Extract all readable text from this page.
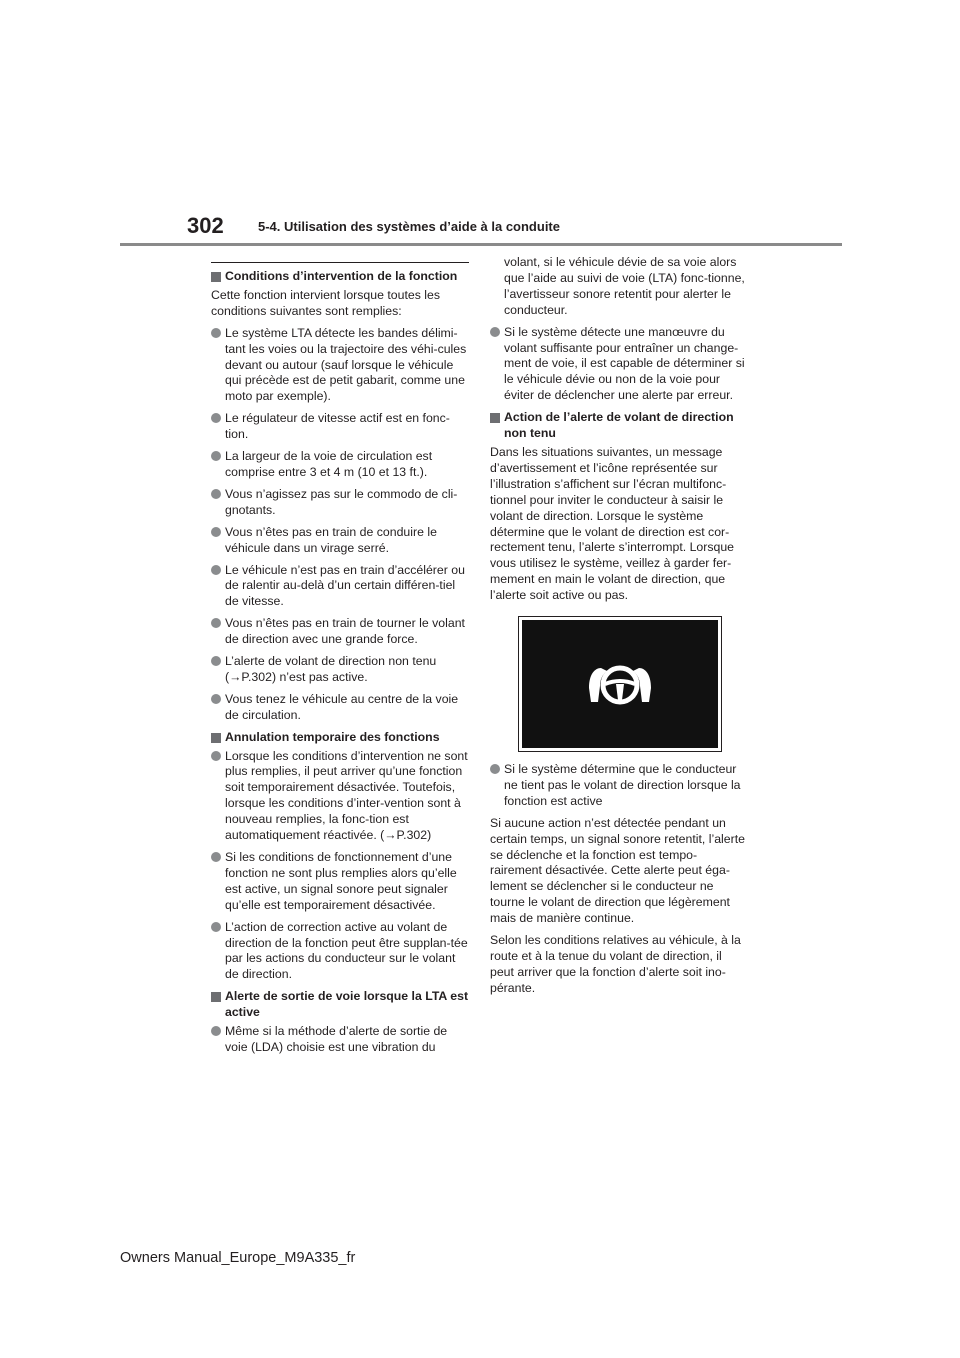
302	5-4. Utilisation des systèmes d’aide à la conduite

Conditions d’intervention de la fonction

Cette fonction intervient lorsque toutes les conditions suivantes sont remplies:

Le système LTA détecte les bandes délimi-tant les voies ou la trajectoire des véhi-cules devant ou autour (sauf lorsque le véhicule qui précède est de petit gabarit, comme une moto par exemple).

Le régulateur de vitesse actif est en fonc-tion.

La largeur de la voie de circulation est comprise entre 3 et 4 m (10 et 13 ft.).

Vous n’agissez pas sur le commodo de cli-gnotants.

Vous n’êtes pas en train de conduire le véhicule dans un virage serré.

Le véhicule n’est pas en train d’accélérer ou de ralentir au-delà d’un certain différen-tiel de vitesse.

Vous n’êtes pas en train de tourner le volant de direction avec une grande force.

L’alerte de volant de direction non tenu (→P.302) n’est pas active.

Vous tenez le véhicule au centre de la voie de circulation.

Annulation temporaire des fonctions

Lorsque les conditions d’intervention ne sont plus remplies, il peut arriver qu’une fonction soit temporairement désactivée. Toutefois, lorsque les conditions d’inter-vention sont à nouveau remplies, la fonc-tion est automatiquement réactivée. (→P.302)

Si les conditions de fonctionnement d’une fonction ne sont plus remplies alors qu’elle est active, un signal sonore peut signaler qu’elle est temporairement désactivée.

L’action de correction active au volant de direction de la fonction peut être supplan-tée par les actions du conducteur sur le volant de direction.

Alerte de sortie de voie lorsque la LTA est active

Même si la méthode d’alerte de sortie de voie (LDA) choisie est une vibration du

volant, si le véhicule dévie de sa voie alors que l’aide au suivi de voie (LTA) fonc-tionne, l’avertisseur sonore retentit pour alerter le conducteur.

Si le système détecte une manœuvre du volant suffisante pour entraîner un change-ment de voie, il est capable de déterminer si le véhicule dévie ou non de la voie pour éviter de déclencher une alerte par erreur.

Action de l’alerte de volant de direction non tenu

Dans les situations suivantes, un message d’avertissement et l’icône représentée sur l’illustration s’affichent sur l’écran multifonc-tionnel pour inviter le conducteur à saisir le volant de direction. Lorsque le système détermine que le volant de direction est cor-rectement tenu, l’alerte s’interrompt. Lorsque vous utilisez le système, veillez à garder fer-mement en main le volant de direction, que l’alerte soit active ou pas.

Si le système détermine que le conducteur ne tient pas le volant de direction lorsque la fonction est active

Si aucune action n’est détectée pendant un certain temps, un signal sonore retentit, l’alerte se déclenche et la fonction est tempo-rairement désactivée. Cette alerte peut éga-lement se déclencher si le conducteur ne tourne le volant de direction que légèrement mais de manière continue.

Selon les conditions relatives au véhicule, à la route et à la tenue du volant de direction, il peut arriver que la fonction d’alerte soit ino-pérante.

Owners Manual_Europe_M9A335_fr
